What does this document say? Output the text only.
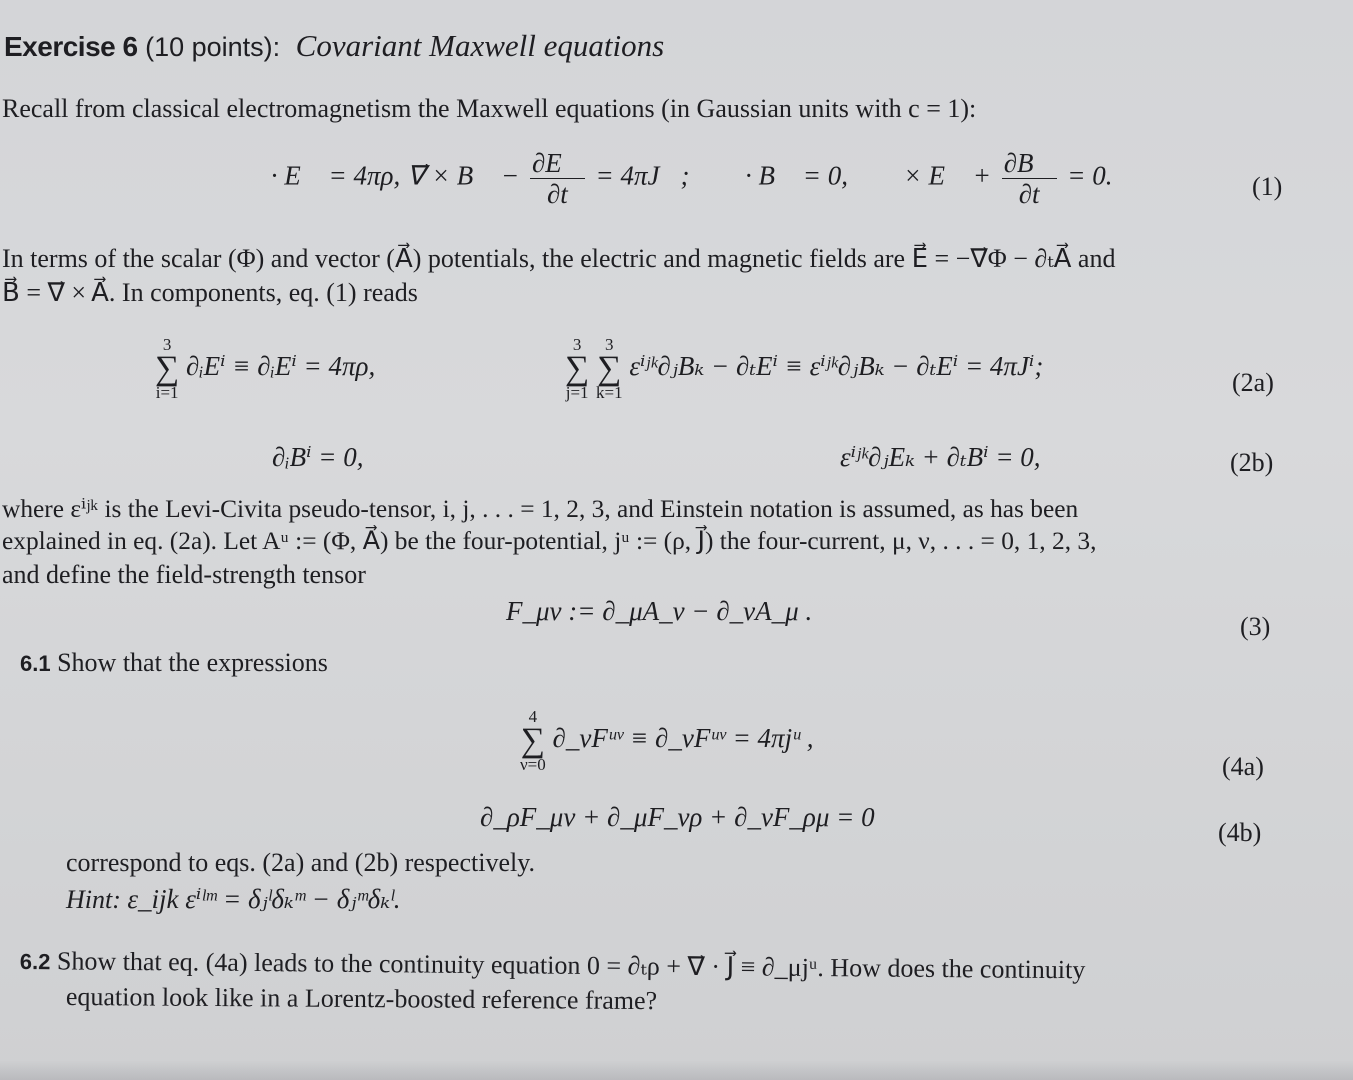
Exercise 6 (10 points): Covariant Maxwell equations
Recall from classical electromagnetism the Maxwell equations (in Gaussian units with c = 1):
∇⃗ · E⃗ = 4πρ, ∇⃗ × B⃗ − $\frac{\partial E⃗}{\partial t}$ = 4πJ⃗; ∇⃗ · B⃗ = 0, ∇⃗ × E⃗ + $\frac{\partial B⃗}{\partial t} = 0$.	(1)
In terms of the scalar (Φ) and vector (A⃗) potentials, the electric and magnetic fields are E⃗ = −∇⃗Φ − ∂ₜA⃗ and
B⃗ = ∇⃗ × A⃗. In components, eq. (1) reads
3
∑
i=1
∂ᵢEⁱ ≡ ∂ᵢEⁱ = 4πρ,
3
∑
j=1

3
∑
k=1
εⁱʲᵏ∂ⱼBₖ − ∂ₜEⁱ ≡ εⁱʲᵏ∂ⱼBₖ − ∂ₜEⁱ = 4πJⁱ;
(2a)
∂ᵢBⁱ = 0,	εⁱʲᵏ∂ⱼEₖ + ∂ₜBⁱ = 0,	(2b)
where εⁱʲᵏ is the Levi-Civita pseudo-tensor, i, j, . . . = 1, 2, 3, and Einstein notation is assumed, as has been
explained in eq. (2a). Let Aᵘ := (Φ, A⃗) be the four-potential, jᵘ := (ρ, J⃗) the four-current, μ, ν, . . . = 0, 1, 2, 3,
and define the field-strength tensor
F_μν := ∂_μA_ν − ∂_νA_μ .
(3)
6.1 Show that the expressions
4
∑
ν=0
∂_νFᵘᵛ ≡ ∂_νFᵘᵛ = 4πjᵘ ,
(4a)
∂_ρF_μν + ∂_μF_νρ + ∂_νF_ρμ = 0
(4b)
correspond to eqs. (2a) and (2b) respectively.
Hint: ε_ijk εⁱˡᵐ = δⱼˡδₖᵐ − δⱼᵐδₖˡ.
6.2 Show that eq. (4a) leads to the continuity equation 0 = ∂ₜρ + ∇⃗ · J⃗ ≡ ∂_μjᵘ. How does the continuity
equation look like in a Lorentz-boosted reference frame?
